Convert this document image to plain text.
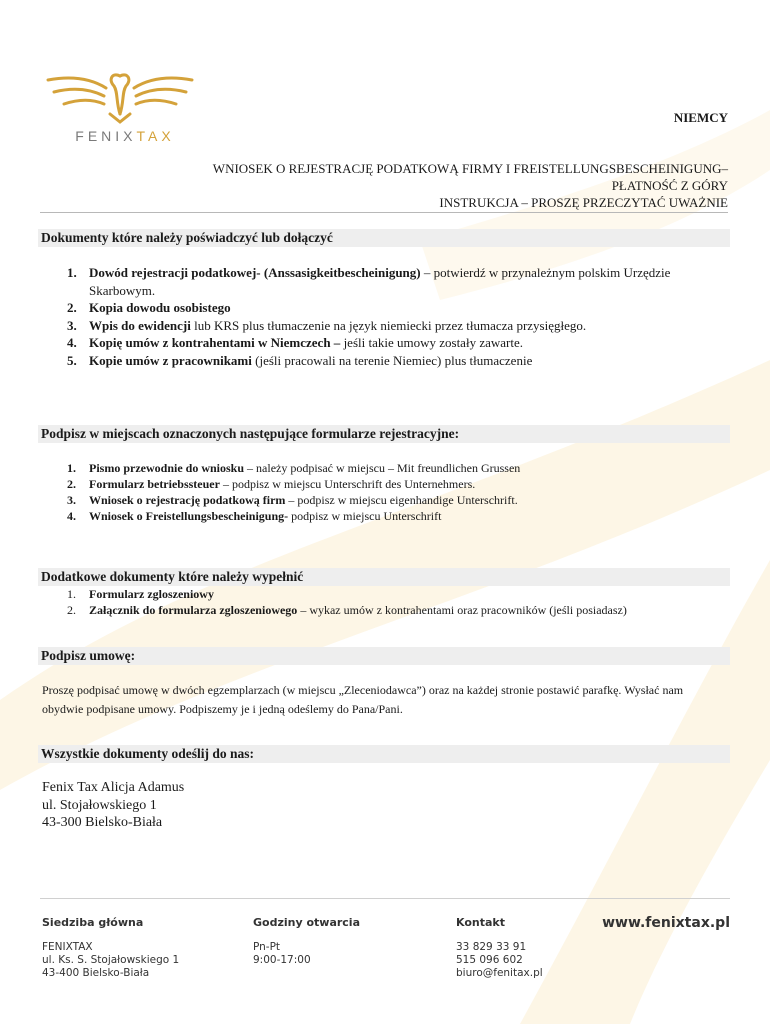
FENIXTAX
NIEMCY
WNIOSEK O REJESTRACJĘ PODATKOWĄ FIRMY I FREISTELLUNGSBESCHEINIGUNG–
PŁATNOŚĆ Z GÓRY
INSTRUKCJA – PROSZĘ PRZECZYTAĆ UWAŻNIE
Dokumenty które należy poświadczyć lub dołączyć
1. Dowód rejestracji podatkowej- (Anssasigkeitbescheinigung) – potwierdź w przynależnym polskim Urzędzie Skarbowym.
2. Kopia dowodu osobistego
3. Wpis do ewidencji lub KRS plus tłumaczenie na język niemiecki przez tłumacza przysięgłego.
4. Kopię umów z kontrahentami w Niemczech – jeśli takie umowy zostały zawarte.
5. Kopie umów z pracownikami (jeśli pracowali na terenie Niemiec) plus tłumaczenie
Podpisz w miejscach oznaczonych następujące formularze rejestracyjne:
1. Pismo przewodnie do wniosku – należy podpisać w miejscu – Mit freundlichen Grussen
2. Formularz betriebssteuer – podpisz w miejscu Unterschrift des Unternehmers.
3. Wniosek o rejestrację podatkową firm – podpisz w miejscu eigenhandige Unterschrift.
4. Wniosek o Freistellungsbescheinigung- podpisz w miejscu Unterschrift
Dodatkowe dokumenty które należy wypełnić
1. Formularz zgloszeniowy
2. Załącznik do formularza zgloszeniowego – wykaz umów z kontrahentami oraz pracowników (jeśli posiadasz)
Podpisz umowę:
Proszę podpisać umowę w dwóch egzemplarzach (w miejscu „Zleceniodawca”) oraz na każdej stronie postawić parafkę. Wysłać nam obydwie podpisane umowy. Podpiszemy je i jedną odeślemy do Pana/Pani.
Wszystkie dokumenty odeślij do nas:
Fenix Tax Alicja Adamus
ul. Stojałowskiego 1
43-300 Bielsko-Biała
Siedziba główna
FENIXTAX
ul. Ks. S. Stojałowskiego 1
43-400 Bielsko-Biała
Godziny otwarcia
Pn-Pt
9:00-17:00
Kontakt
33 829 33 91
515 096 602
biuro@fenitax.pl
www.fenixtax.pl
